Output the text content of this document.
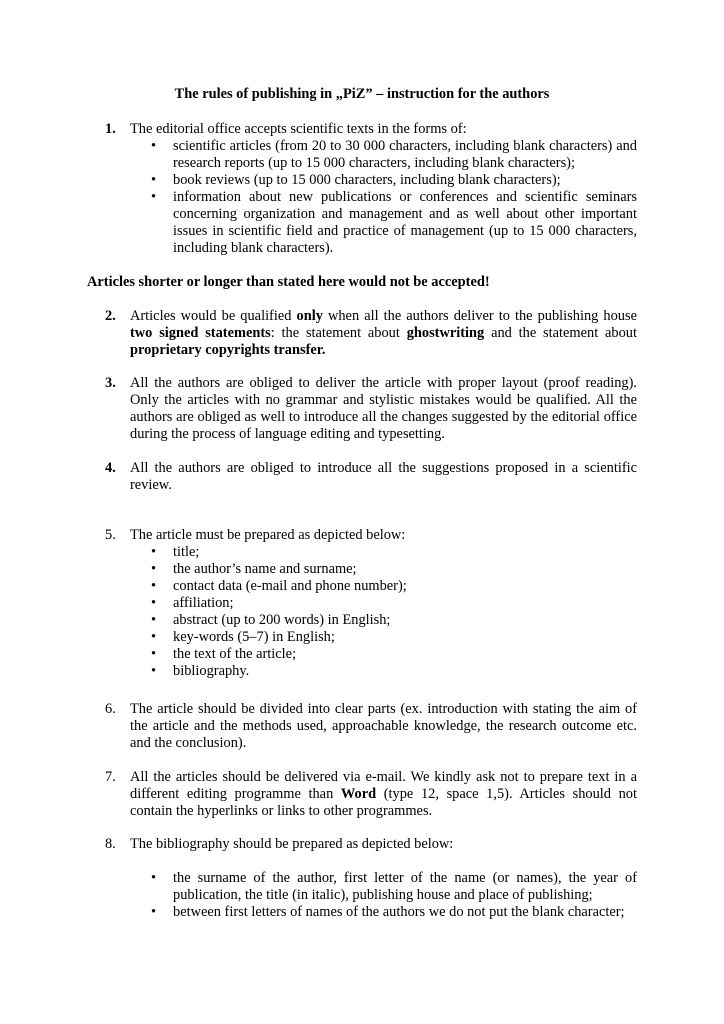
The rules of publishing in „PiZ” – instruction for the authors
1. The editorial office accepts scientific texts in the forms of:
• scientific articles (from 20 to 30 000 characters, including blank characters) and research reports (up to 15 000 characters, including blank characters);
• book reviews (up to 15 000 characters, including blank characters);
• information about new publications or conferences and scientific seminars concerning organization and management and as well about other important issues in scientific field and practice of management (up to 15 000 characters, including blank characters).
Articles shorter or longer than stated here would not be accepted!
2. Articles would be qualified only when all the authors deliver to the publishing house two signed statements: the statement about ghostwriting and the statement about proprietary copyrights transfer.
3. All the authors are obliged to deliver the article with proper layout (proof reading). Only the articles with no grammar and stylistic mistakes would be qualified. All the authors are obliged as well to introduce all the changes suggested by the editorial office during the process of language editing and typesetting.
4. All the authors are obliged to introduce all the suggestions proposed in a scientific review.
5. The article must be prepared as depicted below:
• title;
• the author’s name and surname;
• contact data (e-mail and phone number);
• affiliation;
• abstract (up to 200 words) in English;
• key-words (5–7) in English;
• the text of the article;
• bibliography.
6. The article should be divided into clear parts (ex. introduction with stating the aim of the article and the methods used, approachable knowledge, the research outcome etc. and the conclusion).
7. All the articles should be delivered via e-mail. We kindly ask not to prepare text in a different editing programme than Word (type 12, space 1,5). Articles should not contain the hyperlinks or links to other programmes.
8. The bibliography should be prepared as depicted below:
• the surname of the author, first letter of the name (or names), the year of publication, the title (in italic), publishing house and place of publishing;
• between first letters of names of the authors we do not put the blank character;
